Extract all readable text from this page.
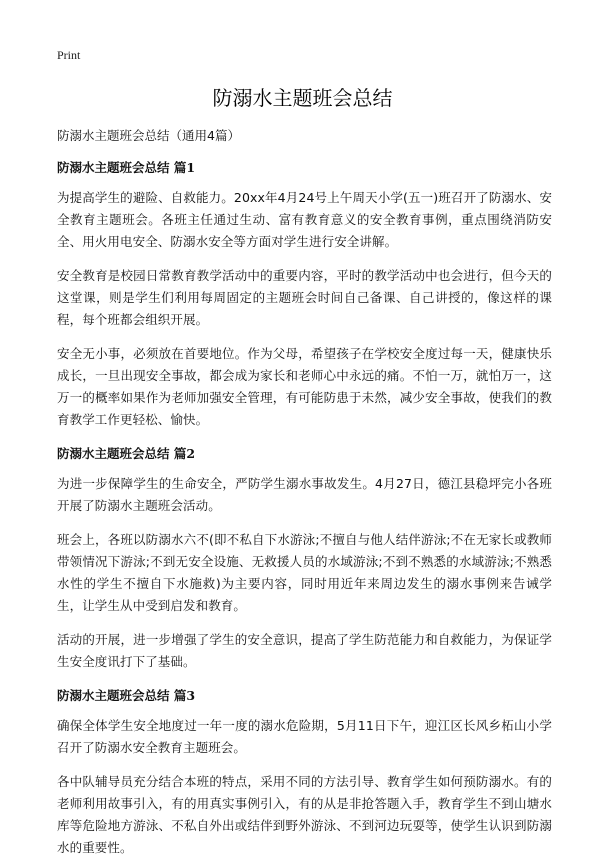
Print
防溺水主题班会总结
防溺水主题班会总结（通用4篇）
防溺水主题班会总结 篇1

为提高学生的避险、自救能力。20xx年4月24号上午周天小学(五一)班召开了防溺水、安全教育主题班会。各班主任通过生动、富有教育意义的安全教育事例，重点围绕消防安全、用火用电安全、防溺水安全等方面对学生进行安全讲解。

安全教育是校园日常教育教学活动中的重要内容，平时的教学活动中也会进行，但今天的这堂课，则是学生们利用每周固定的主题班会时间自己备课、自己讲授的，像这样的课程，每个班都会组织开展。

安全无小事，必须放在首要地位。作为父母，希望孩子在学校安全度过每一天，健康快乐成长，一旦出现安全事故，都会成为家长和老师心中永远的痛。不怕一万，就怕万一，这万一的概率如果作为老师加强安全管理，有可能防患于未然，减少安全事故，使我们的教育教学工作更轻松、愉快。

防溺水主题班会总结 篇2

为进一步保障学生的生命安全，严防学生溺水事故发生。4月27日，德江县稳坪完小各班开展了防溺水主题班会活动。

班会上，各班以防溺水六不(即不私自下水游泳;不擅自与他人结伴游泳;不在无家长或教师带领情况下游泳;不到无安全设施、无救援人员的水域游泳;不到不熟悉的水域游泳;不熟悉水性的学生不擅自下水施救)为主要内容，同时用近年来周边发生的溺水事例来告诫学生，让学生从中受到启发和教育。

活动的开展，进一步增强了学生的安全意识，提高了学生防范能力和自救能力，为保证学生安全度讯打下了基础。

防溺水主题班会总结 篇3

确保全体学生安全地度过一年一度的溺水危险期，5月11日下午，迎江区长风乡柘山小学召开了防溺水安全教育主题班会。

各中队辅导员充分结合本班的特点，采用不同的方法引导、教育学生如何预防溺水。有的老师利用故事引入，有的用真实事例引入，有的从是非抢答题入手，教育学生不到山塘水库等危险地方游泳、不私自外出或结伴到野外游泳、不到河边玩耍等，使学生认识到防溺水的重要性。
